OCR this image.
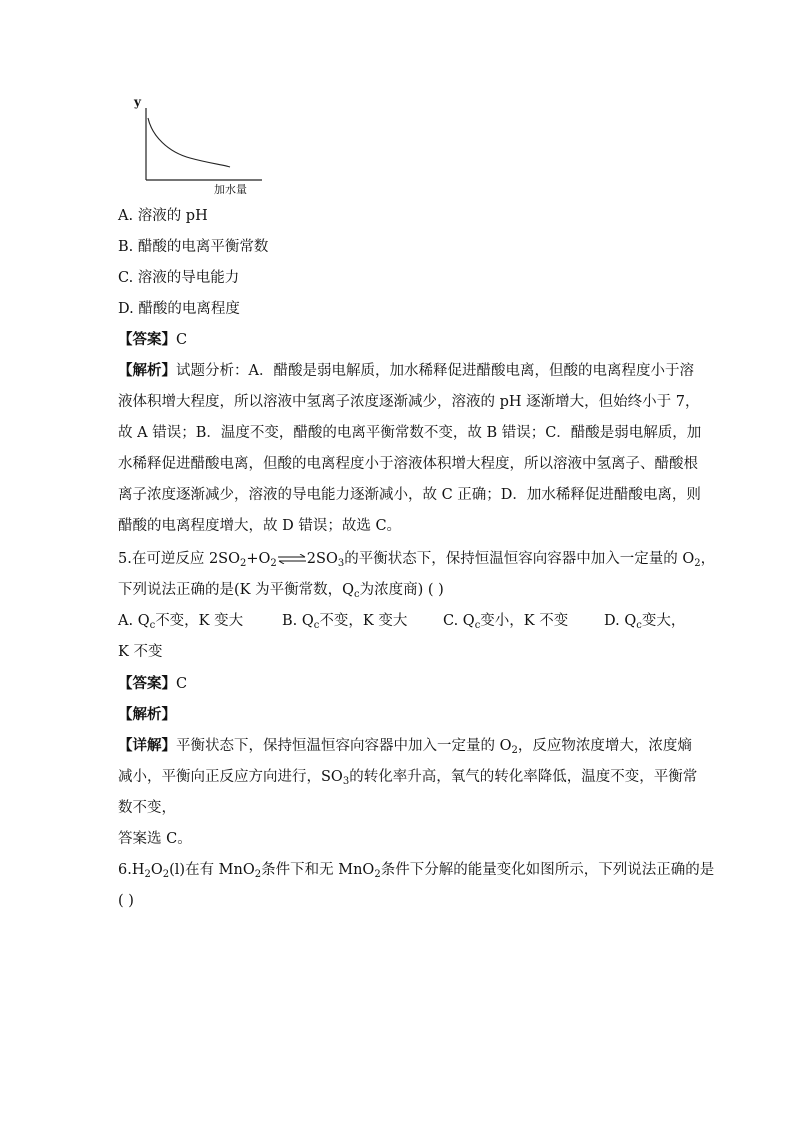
y
加水量
A. 溶液的 pH
B. 醋酸的电离平衡常数
C. 溶液的导电能力
D. 醋酸的电离程度
【答案】C
【解析】试题分析：A．醋酸是弱电解质，加水稀释促进醋酸电离，但酸的电离程度小于溶
液体积增大程度，所以溶液中氢离子浓度逐渐减少，溶液的 pH 逐渐增大，但始终小于 7，
故 A 错误；B．温度不变，醋酸的电离平衡常数不变，故 B 错误；C．醋酸是弱电解质，加
水稀释促进醋酸电离，但酸的电离程度小于溶液体积增大程度，所以溶液中氢离子、醋酸根
离子浓度逐渐减少，溶液的导电能力逐渐减小，故 C 正确；D．加水稀释促进醋酸电离，则
醋酸的电离程度增大，故 D 错误；故选 C。
5.在可逆反应 $2SO_2+O_2\rightleftharpoons 2SO_3$的平衡状态下，保持恒温恒容向容器中加入一定量的 $O_2$，
下列说法正确的是(K 为平衡常数，$Q_c$为浓度商) ( )
A. $Q_c$不变，K 变大	B. $Q_c$不变，K 变大 C. $Q_c$变小，K 不变 D. $Q_c$变大，
K 不变
【答案】C
【解析】
【详解】平衡状态下，保持恒温恒容向容器中加入一定量的 $O_2$，反应物浓度增大，浓度熵
减小，平衡向正反应方向进行，$SO_3$的转化率升高，氧气的转化率降低，温度不变，平衡常
数不变，
答案选 C。
$6.H_2O_2(l)$在有 MnO$_2$条件下和无 MnO$_2$条件下分解的能量变化如图所示，下列说法正确的是
( )
